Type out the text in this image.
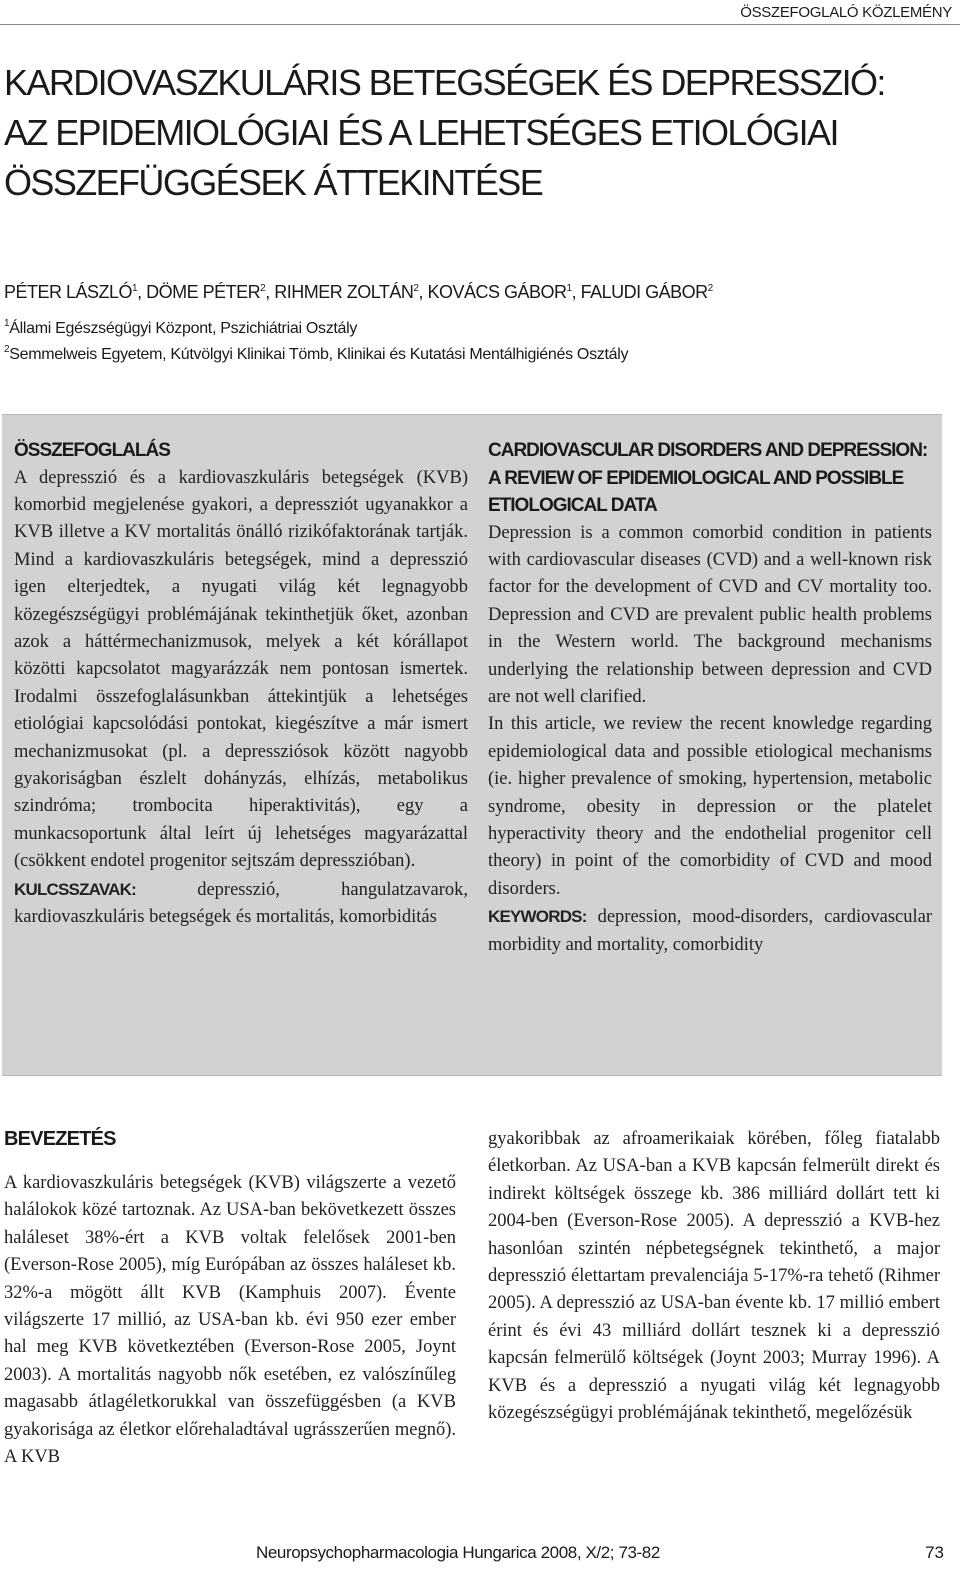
ÖSSZEFOGLALÓ KÖZLEMÉNY
KARDIOVASZKULÁRIS BETEGSÉGEK ÉS DEPRESSZIÓ: AZ EPIDEMIOLÓGIAI ÉS A LEHETSÉGES ETIOLÓGIAI ÖSSZEFÜGGÉSEK ÁTTEKINTÉSE
PÉTER LÁSZLÓ$^1$, DÖME PÉTER$^2$, RIHMER ZOLTÁN$^2$, KOVÁCS GÁBOR$^1$, FALUDI GÁBOR$^2$
$^1$Állami Egészségügyi Központ, Pszichiátriai Osztály
$^2$Semmelweis Egyetem, Kútvölgyi Klinikai Tömb, Klinikai és Kutatási Mentálhigiénés Osztály
ÖSSZEFOGLALÁS

A depresszió és a kardiovaszkuláris betegségek (KVB) komorbid megjelenése gyakori, a depressziót ugyanakkor a KVB illetve a KV mortalitás önálló rizikófaktorának tartják. Mind a kardiovaszkuláris betegségek, mind a depresszió igen elterjedtek, a nyugati világ két legnagyobb közegészségügyi problémájának tekinthetjük őket, azonban azok a háttérmechanizmusok, melyek a két kórállapot közötti kapcsolatot magyarázzák nem pontosan ismertek. Irodalmi összefoglalásunkban áttekintjük a lehetséges etiológiai kapcsolódási pontokat, kiegészítve a már ismert mechanizmusokat (pl. a depressziósok között nagyobb gyakoriságban észlelt dohányzás, elhízás, metabolikus szindróma; trombocita hiperaktivitás), egy a munkacsoportunk által leírt új lehetséges magyarázattal (csökkent endotel progenitor sejtszám depresszióban).
KULCSSZAVAK: depresszió, hangulatzavarok, kardiovaszkuláris betegségek és mortalitás, komorbiditás

CARDIOVASCULAR DISORDERS AND DEPRESSION: A REVIEW OF EPIDEMIOLOGICAL AND POSSIBLE ETIOLOGICAL DATA

Depression is a common comorbid condition in patients with cardiovascular diseases (CVD) and a well-known risk factor for the development of CVD and CV mortality too. Depression and CVD are prevalent public health problems in the Western world. The background mechanisms underlying the relationship between depression and CVD are not well clarified.
In this article, we review the recent knowledge regarding epidemiological data and possible etiological mechanisms (ie. higher prevalence of smoking, hypertension, metabolic syndrome, obesity in depression or the platelet hyperactivity theory and the endothelial progenitor cell theory) in point of the comorbidity of CVD and mood disorders.
KEYWORDS: depression, mood-disorders, cardiovascular morbidity and mortality, comorbidity

BEVEZETÉS

A kardiovaszkuláris betegségek (KVB) világszerte a vezető halálokok közé tartoznak. Az USA-ban bekövetkezett összes haláleset 38%-ért a KVB voltak felelősek 2001-ben (Everson-Rose 2005), míg Európában az összes haláleset kb. 32%-a mögött állt KVB (Kamphuis 2007). Évente világszerte 17 millió, az USA-ban kb. évi 950 ezer ember hal meg KVB következtében (Everson-Rose 2005, Joynt 2003). A mortalitás nagyobb nők esetében, ez valószínűleg magasabb átlagéletkorukkal van összefüggésben (a KVB gyakorisága az életkor előrehaladtával ugrásszerűen megnő). A KVB

gyakoribbak az afroamerikaiak körében, főleg fiatalabb életkorban. Az USA-ban a KVB kapcsán felmerült direkt és indirekt költségek összege kb. 386 milliárd dollárt tett ki 2004-ben (Everson-Rose 2005). A depresszió a KVB-hez hasonlóan szintén népbetegségnek tekinthető, a major depresszió élettartam prevalenciája 5-17%-ra tehető (Rihmer 2005). A depresszió az USA-ban évente kb. 17 millió embert érint és évi 43 milliárd dollárt tesznek ki a depresszió kapcsán felmerülő költségek (Joynt 2003; Murray 1996). A KVB és a depresszió a nyugati világ két legnagyobb közegészségügyi problémájának tekinthető, megelőzésük

Neuropsychopharmacologia Hungarica 2008, X/2; 73-82	73
